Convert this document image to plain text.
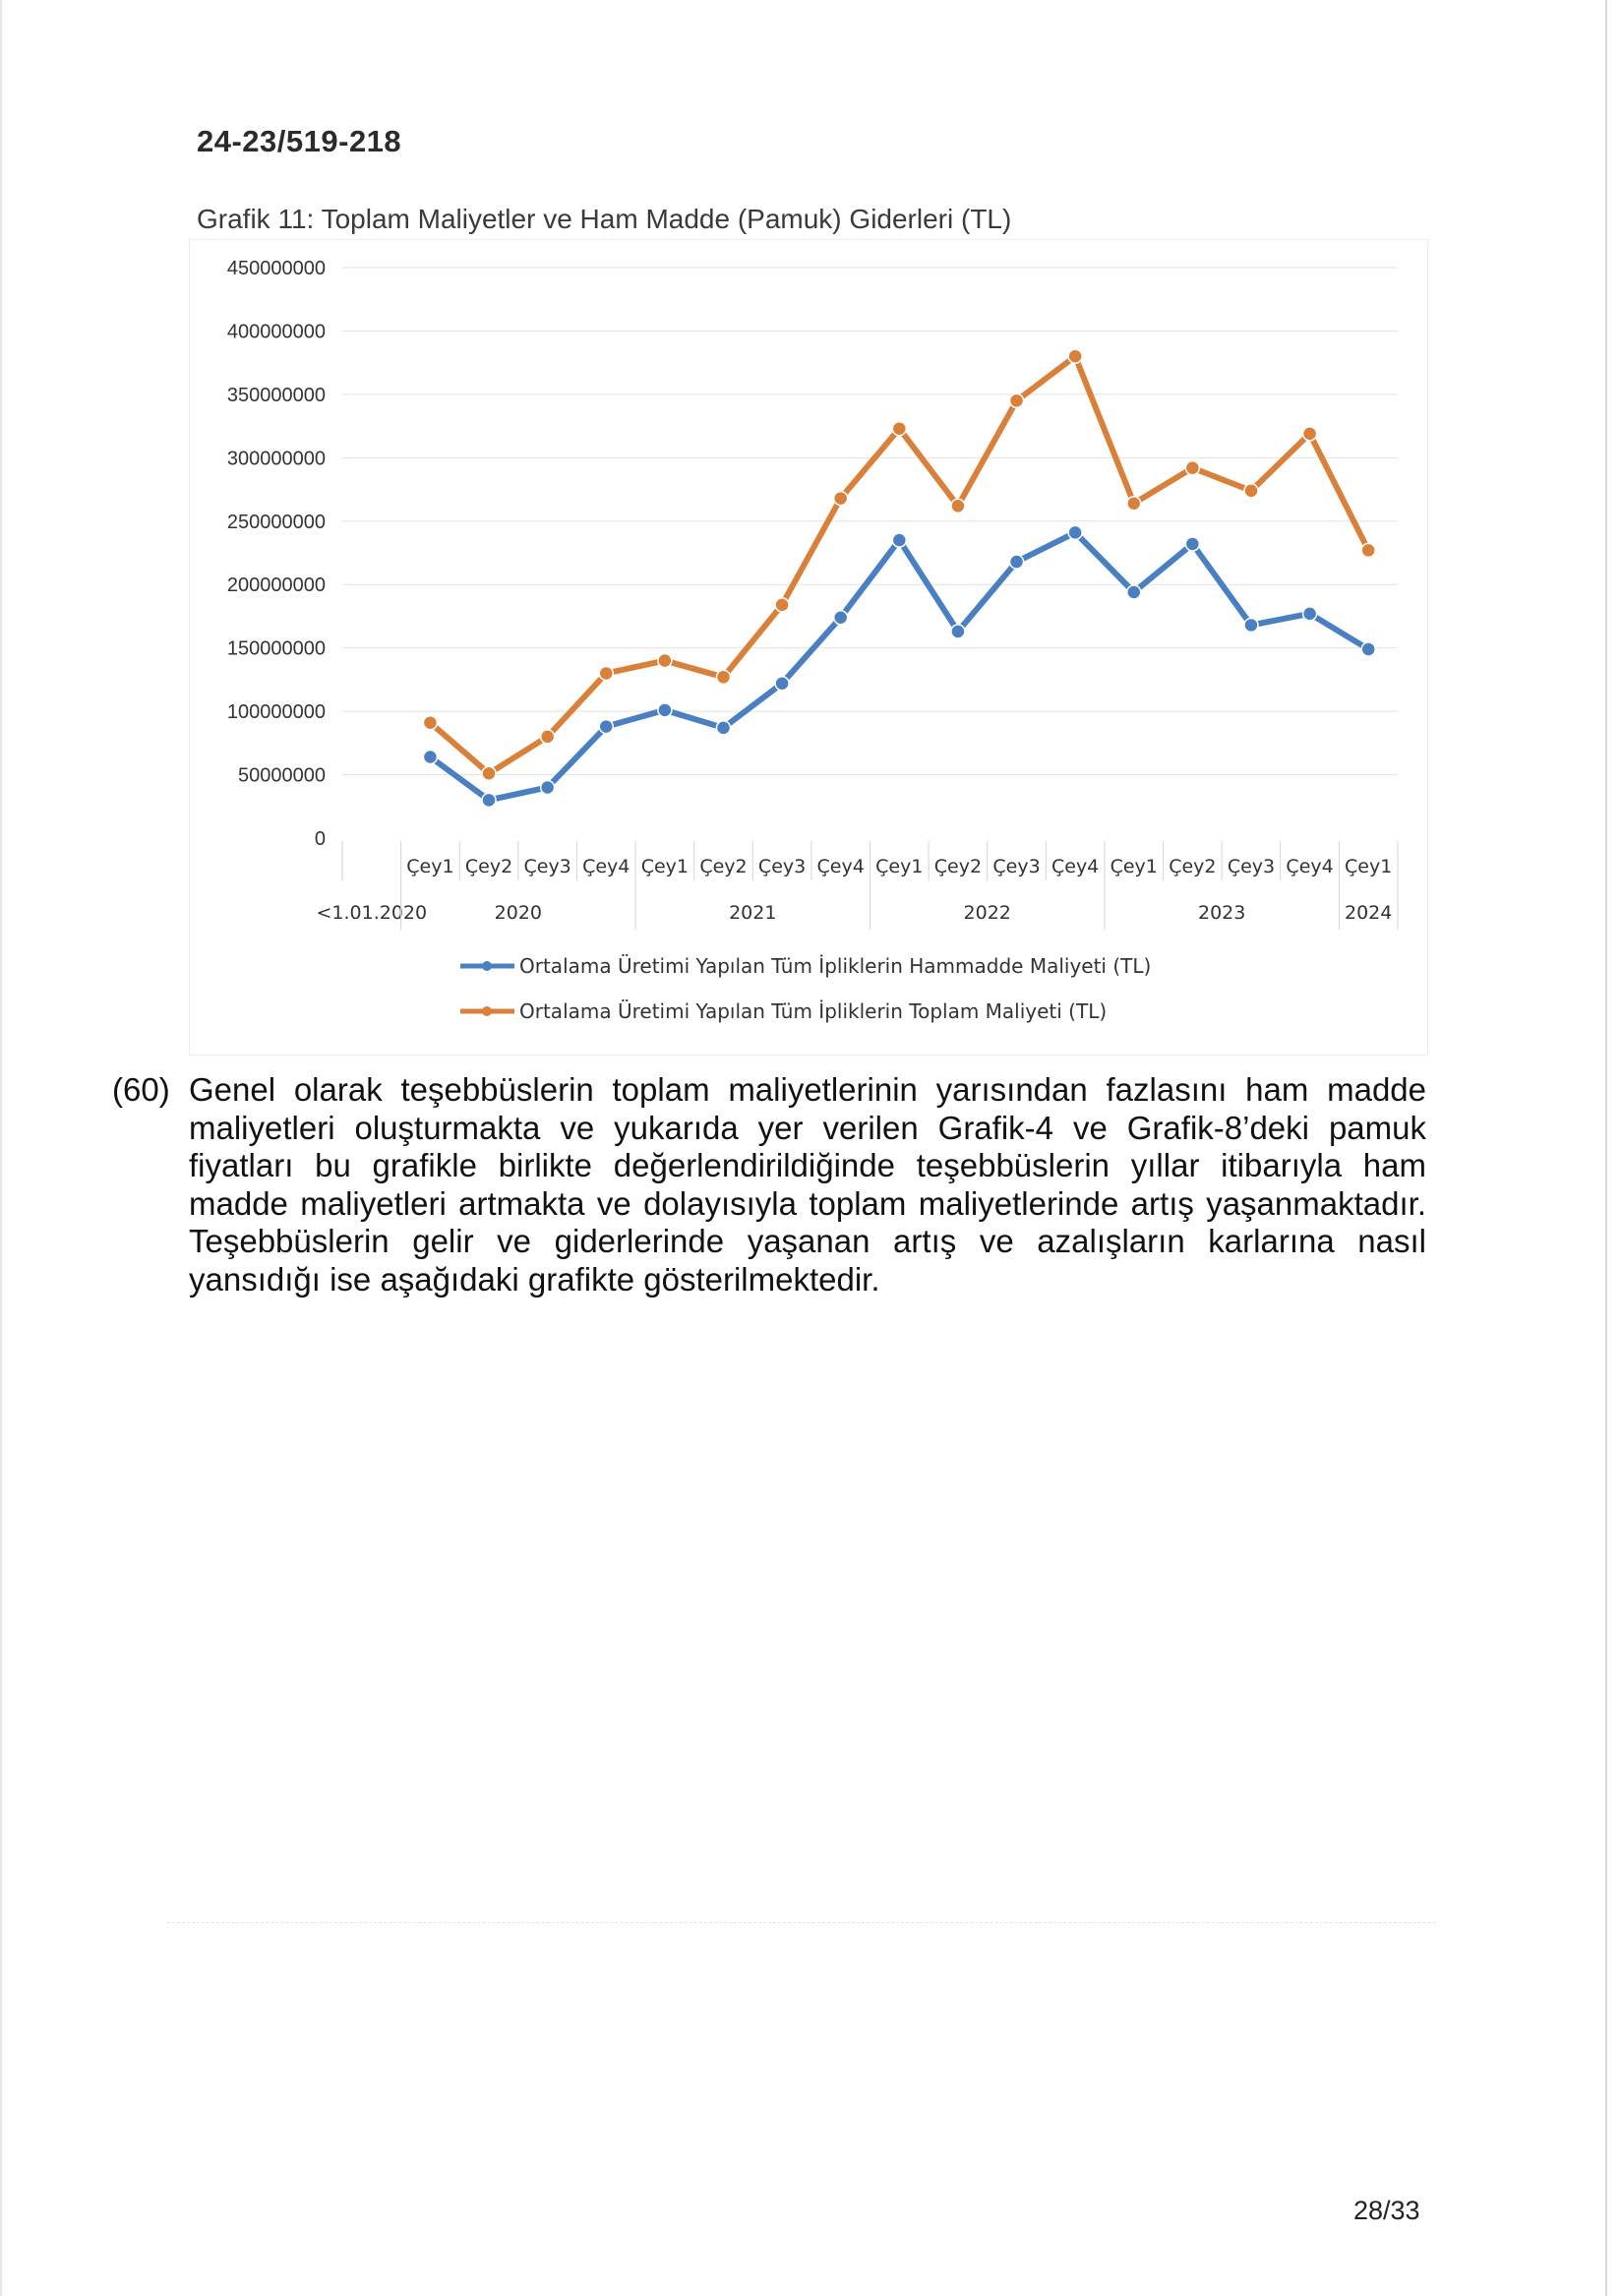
24-23/519-218
Grafik 11: Toplam Maliyetler ve Ham Madde (Pamuk) Giderleri (TL)
0
50000000
100000000
150000000
200000000
250000000
300000000
350000000
400000000
450000000
Çey1 Çey2 Çey3 Çey4 Çey1 Çey2 Çey3 Çey4 Çey1 Çey2 Çey3 Çey4 Çey1 Çey2 Çey3 Çey4 Çey1
<1.01.2020	2020	2021	2022	2023	2024
Ortalama Üretimi Yapılan Tüm İpliklerin Hammadde Maliyeti (TL)
Ortalama Üretimi Yapılan Tüm İpliklerin Toplam Maliyeti (TL)
(60) Genel olarak teşebbüslerin toplam maliyetlerinin yarısından fazlasını ham madde maliyetleri oluşturmakta ve yukarıda yer verilen Grafik-4 ve Grafik-8’deki pamuk fiyatları bu grafikle birlikte değerlendirildiğinde teşebbüslerin yıllar itibarıyla ham madde maliyetleri artmakta ve dolayısıyla toplam maliyetlerinde artış yaşanmaktadır. Teşebbüslerin gelir ve giderlerinde yaşanan artış ve azalışların karlarına nasıl yansıdığı ise aşağıdaki grafikte gösterilmektedir.
28/33
